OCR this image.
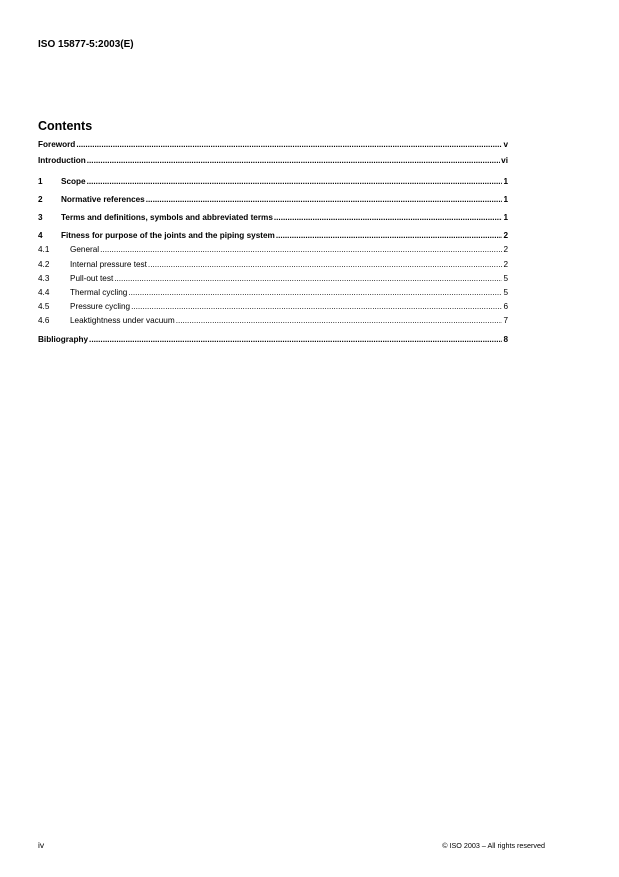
ISO 15877-5:2003(E)
Contents
Foreword .....	v
Introduction .....	vi
1	Scope .....	1
2	Normative references .....	1
3	Terms and definitions, symbols and abbreviated terms .....	1
4	Fitness for purpose of the joints and the piping system .....	2
4.1	General .....	2
4.2	Internal pressure test .....	2
4.3	Pull-out test .....	5
4.4	Thermal cycling .....	5
4.5	Pressure cycling .....	6
4.6	Leaktightness under vacuum .....	7
Bibliography .....	8
iv	© ISO 2003 – All rights reserved
